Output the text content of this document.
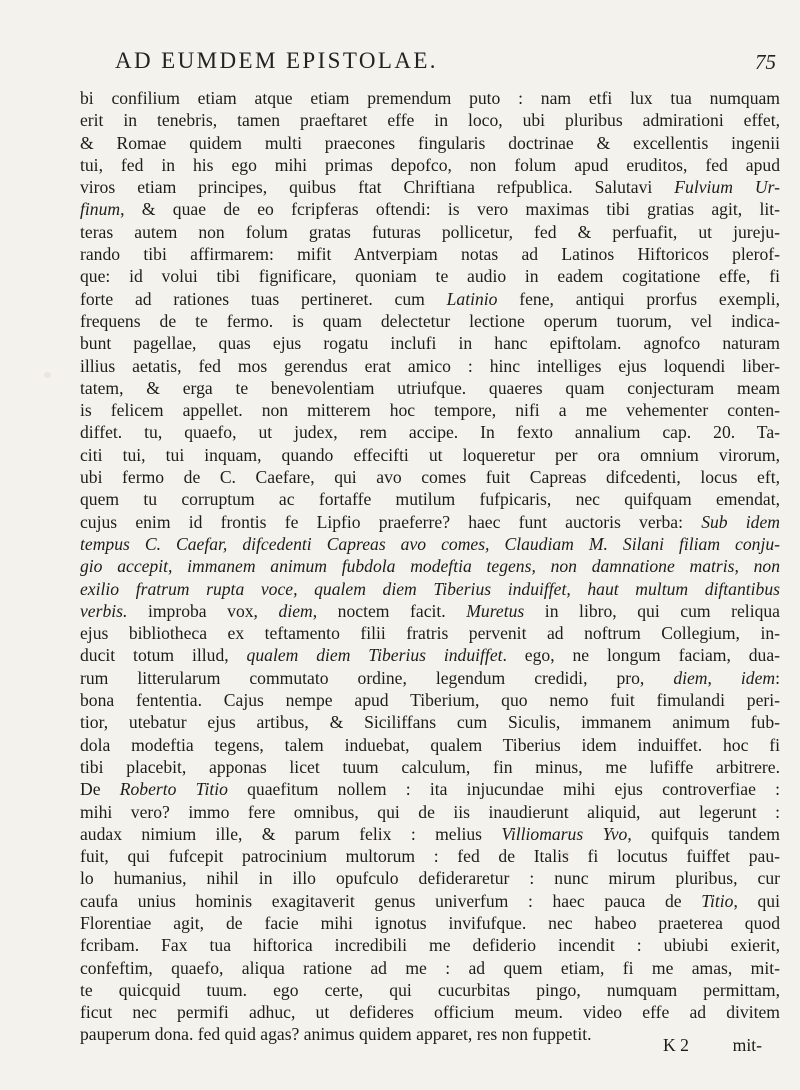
AD EUMDEM EPISTOLAE.	75
bi confilium etiam atque etiam premendum puto : nam etfi lux tua numquam
erit in tenebris, tamen praeftaret effe in loco, ubi pluribus admirationi effet,
& Romae quidem multi praecones fingularis doctrinae & excellentis ingenii
tui, fed in his ego mihi primas depofco, non folum apud eruditos, fed apud
viros etiam principes, quibus ftat Chriftiana refpublica. Salutavi Fulvium Ur-
finum, & quae de eo fcripferas oftendi: is vero maximas tibi gratias agit, lit-
teras autem non folum gratas futuras pollicetur, fed & perfuafit, ut jureju-
rando tibi affirmarem: mifit Antverpiam notas ad Latinos Hiftoricos plerof-
que: id volui tibi fignificare, quoniam te audio in eadem cogitatione effe, fi
forte ad rationes tuas pertineret. cum Latinio fene, antiqui prorfus exempli,
frequens de te fermo. is quam delectetur lectione operum tuorum, vel indica-
bunt pagellae, quas ejus rogatu inclufi in hanc epiftolam. agnofco naturam
illius aetatis, fed mos gerendus erat amico : hinc intelliges ejus loquendi liber-
tatem, & erga te benevolentiam utriufque. quaeres quam conjecturam meam
is felicem appellet. non mitterem hoc tempore, nifi a me vehementer conten-
diffet. tu, quaefo, ut judex, rem accipe. In fexto annalium cap. 20. Ta-
citi tui, tui inquam, quando effecifti ut loqueretur per ora omnium virorum,
ubi fermo de C. Caefare, qui avo comes fuit Capreas difcedenti, locus eft,
quem tu corruptum ac fortaffe mutilum fufpicaris, nec quifquam emendat,
cujus enim id frontis fe Lipfio praeferre? haec funt auctoris verba: Sub idem
tempus C. Caefar, difcedenti Capreas avo comes, Claudiam M. Silani filiam conju-
gio accepit, immanem animum fubdola modeftia tegens, non damnatione matris, non
exilio fratrum rupta voce, qualem diem Tiberius induiffet, haut multum diftantibus
verbis. improba vox, diem, noctem facit. Muretus in libro, qui cum reliqua
ejus bibliotheca ex teftamento filii fratris pervenit ad noftrum Collegium, in-
ducit totum illud, qualem diem Tiberius induiffet. ego, ne longum faciam, dua-
rum litterularum commutato ordine, legendum credidi, pro, diem, idem:
bona fententia. Cajus nempe apud Tiberium, quo nemo fuit fimulandi peri-
tior, utebatur ejus artibus, & Siciliffans cum Siculis, immanem animum fub-
dola modeftia tegens, talem induebat, qualem Tiberius idem induiffet. hoc fi
tibi placebit, apponas licet tuum calculum, fin minus, me lufiffe arbitrere.
De Roberto Titio quaefitum nollem : ita injucundae mihi ejus controverfiae :
mihi vero? immo fere omnibus, qui de iis inaudierunt aliquid, aut legerunt :
audax nimium ille, & parum felix : melius Villiomarus Yvo, quifquis tandem
fuit, qui fufcepit patrocinium multorum : fed de Italis fi locutus fuiffet pau-
lo humanius, nihil in illo opufculo defideraretur : nunc mirum pluribus, cur
caufa unius hominis exagitaverit genus univerfum : haec pauca de Titio, qui
Florentiae agit, de facie mihi ignotus invifufque. nec habeo praeterea quod
fcribam. Fax tua hiftorica incredibili me defiderio incendit : ubiubi exierit,
confeftim, quaefo, aliqua ratione ad me : ad quem etiam, fi me amas, mit-
te quicquid tuum. ego certe, qui cucurbitas pingo, numquam permittam,
ficut nec permifi adhuc, ut defideres officium meum. video effe ad divitem
pauperum dona. fed quid agas? animus quidem apparet, res non fuppetit.
K 2 mit-
